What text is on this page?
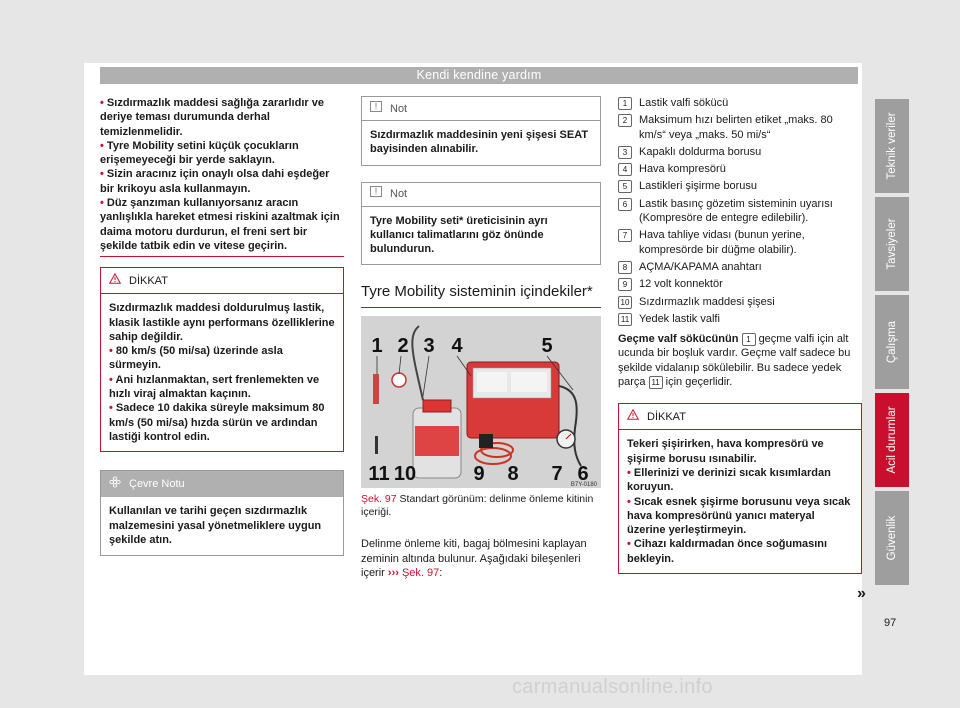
Kendi kendine yardım

• Sızdırmazlık maddesi sağlığa zararlıdır ve deriye teması durumunda derhal temizlenmelidir.

• Tyre Mobility setini küçük çocukların erişemeyeceği bir yerde saklayın.

• Sizin aracınız için onaylı olsa dahi eşdeğer bir krikoyu asla kullanmayın.

• Düz şanzıman kullanıyorsanız aracın yanlışlıkla hareket etmesi riskini azaltmak için daima motoru durdurun, el freni sert bir şekilde tatbik edin ve vitese geçirin.

DİKKAT

Sızdırmazlık maddesi doldurulmuş lastik, klasik lastikle aynı performans özelliklerine sahip değildir.

• 80 km/s (50 mi/sa) üzerinde asla sürmeyin.

• Ani hızlanmaktan, sert frenlemekten ve hızlı viraj almaktan kaçının.

• Sadece 10 dakika süreyle maksimum 80 km/s (50 mi/sa) hızda sürün ve ardından lastiği kontrol edin.

Çevre Notu
Kullanılan ve tarihi geçen sızdırmazlık malzemesini yasal yönetmeliklere uygun şekilde atın.
Not
Sızdırmazlık maddesinin yeni şişesi SEAT bayisinden alınabilir.
Not
Tyre Mobility seti* üreticisinin ayrı kullanıcı talimatlarını göz önünde bulundurun.
Tyre Mobility sisteminin içindekiler*
1 2 3 4	5
11 10	9 8 7 6
B7Y-0180
Şek. 97 Standart görünüm: delinme önleme kitinin içeriği.

Delinme önleme kiti, bagaj bölmesini kaplayan zeminin altında bulunur. Aşağıdaki bileşenleri içerir ››› Şek. 97:

1	Lastik valfi sökücü
2	Maksimum hızı belirten etiket „maks. 80 km/s“ veya „maks. 50 mi/s“
3	Kapaklı doldurma borusu
4	Hava kompresörü
5	Lastikleri şişirme borusu
6	Lastik basınç gözetim sisteminin uyarısı (Kompresöre de entegre edilebilir).
7	Hava tahliye vidası (bunun yerine, kompresörde bir düğme olabilir).
8	AÇMA/KAPAMA anahtarı
9	12 volt konnektör
10 Sızdırmazlık maddesi şişesi
11 Yedek lastik valfi

Geçme valf sökücünün 1 geçme valfi için alt ucunda bir boşluk vardır. Geçme valf sadece bu şekilde vidalanıp sökülebilir. Bu sadece yedek parça 11 için geçerlidir.

DİKKAT

Tekeri şişirirken, hava kompresörü ve şişirme borusu ısınabilir.

• Ellerinizi ve derinizi sıcak kısımlardan koruyun.

• Sıcak esnek şişirme borusunu veya sıcak hava kompresörünü yanıcı materyal üzerine yerleştirmeyin.

• Cihazı kaldırmadan önce soğumasını bekleyin.

»
Teknik veriler
Tavsiyeler
Çalışma
Acil durumlar
Güvenlik
97
carmanualsonline.info
